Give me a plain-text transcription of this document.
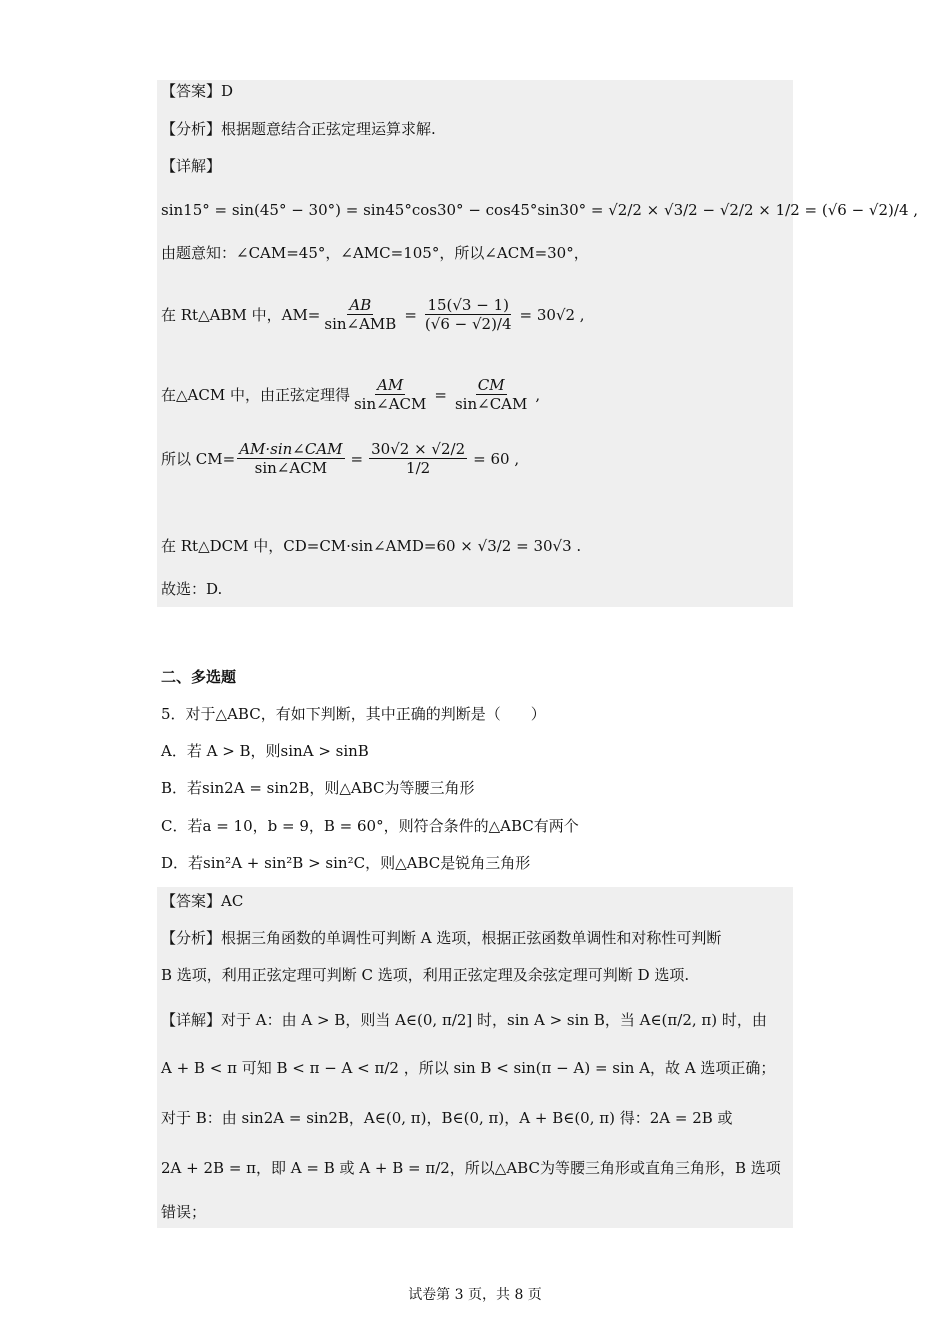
【答案】D
【分析】根据题意结合正弦定理运算求解.
【详解】
sin15° = sin(45° − 30°) = sin45°cos30° − cos45°sin30° = √2/2 × √3/2 − √2/2 × 1/2 = (√6 − √2)/4 ,
由题意知：∠CAM=45°，∠AMC=105°，所以∠ACM=30°，
在 Rt△ABM 中，$AM= \frac{AB}{\text{sin∠AMB}} = \frac{15(√3 - 1)}{(√6 - √2)/4} = 30√2$ ,
在△ACM 中，由正弦定理得 $\frac{AM}{\text{sin∠ACM}} = \frac{CM}{\text{sin∠CAM}}$ ,
所以 $CM= \frac{\text{AM·sin∠CAM}}{\text{sin∠ACM}} = \frac{30√2 \times √2/2}{1/2} = 60$ ,
在 Rt△DCM 中，CD=CM·sin∠AMD=60 × √3/2 = 30√3 .
故选：D.
二、多选题
5．对于△ABC，有如下判断，其中正确的判断是（　　）
A．若 A > B，则sinA > sinB
B．若sin2A = sin2B，则△ABC为等腰三角形
C．若a = 10，b = 9，B = 60°，则符合条件的△ABC有两个
D．若sin²A + sin²B > sin²C，则△ABC是锐角三角形
【答案】AC
【分析】根据三角函数的单调性可判断 A 选项，根据正弦函数单调性和对称性可判断
B 选项，利用正弦定理可判断 C 选项，利用正弦定理及余弦定理可判断 D 选项.
【详解】对于 A：由 A > B，则当 A∈(0, π/2] 时，sin A > sin B，当 A∈(π/2, π) 时，由
A + B < π 可知 B < π − A < π/2 ，所以 sin B < sin(π − A) = sin A，故 A 选项正确；
对于 B：由 sin2A = sin2B，A∈(0, π)，B∈(0, π)，A + B∈(0, π) 得：2A = 2B 或
2A + 2B = π，即 A = B 或 A + B = π/2，所以△ABC为等腰三角形或直角三角形，B 选项
错误；
试卷第 3 页，共 8 页
